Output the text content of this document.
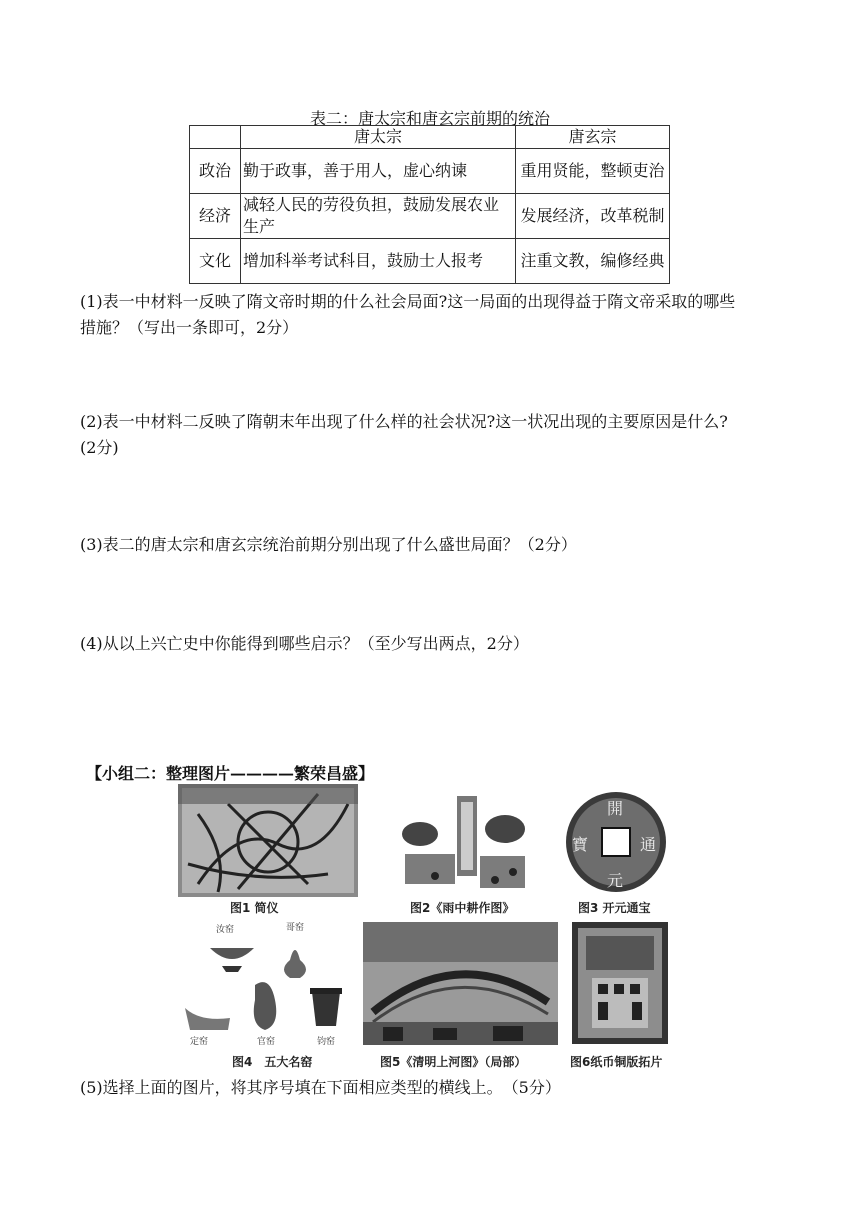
表二：唐太宗和唐玄宗前期的统治
	唐太宗	唐玄宗
政治	勤于政事，善于用人，虚心纳谏	重用贤能，整顿吏治
经济	减轻人民的劳役负担，鼓励发展农业生产	发展经济，改革税制
文化	增加科举考试科目，鼓励士人报考	注重文教，编修经典
(1)表一中材料一反映了隋文帝时期的什么社会局面?这一局面的出现得益于隋文帝采取的哪些措施？（写出一条即可，2分）
(2)表一中材料二反映了隋朝末年出现了什么样的社会状况?这一状况出现的主要原因是什么?(2分)
(3)表二的唐太宗和唐玄宗统治前期分别出现了什么盛世局面？（2分）
(4)从以上兴亡史中你能得到哪些启示？（至少写出两点，2分）
【小组二：整理图片————繁荣昌盛】
图1 简仪	图2《雨中耕作图》
開
元
通
寶
图3 开元通宝
汝窑	哥窑
定窑	官窑	钧窑
图4　五大名窑	图5《清明上河图》（局部）	图6纸币铜版拓片
(5)选择上面的图片，将其序号填在下面相应类型的横线上。　（5分）
